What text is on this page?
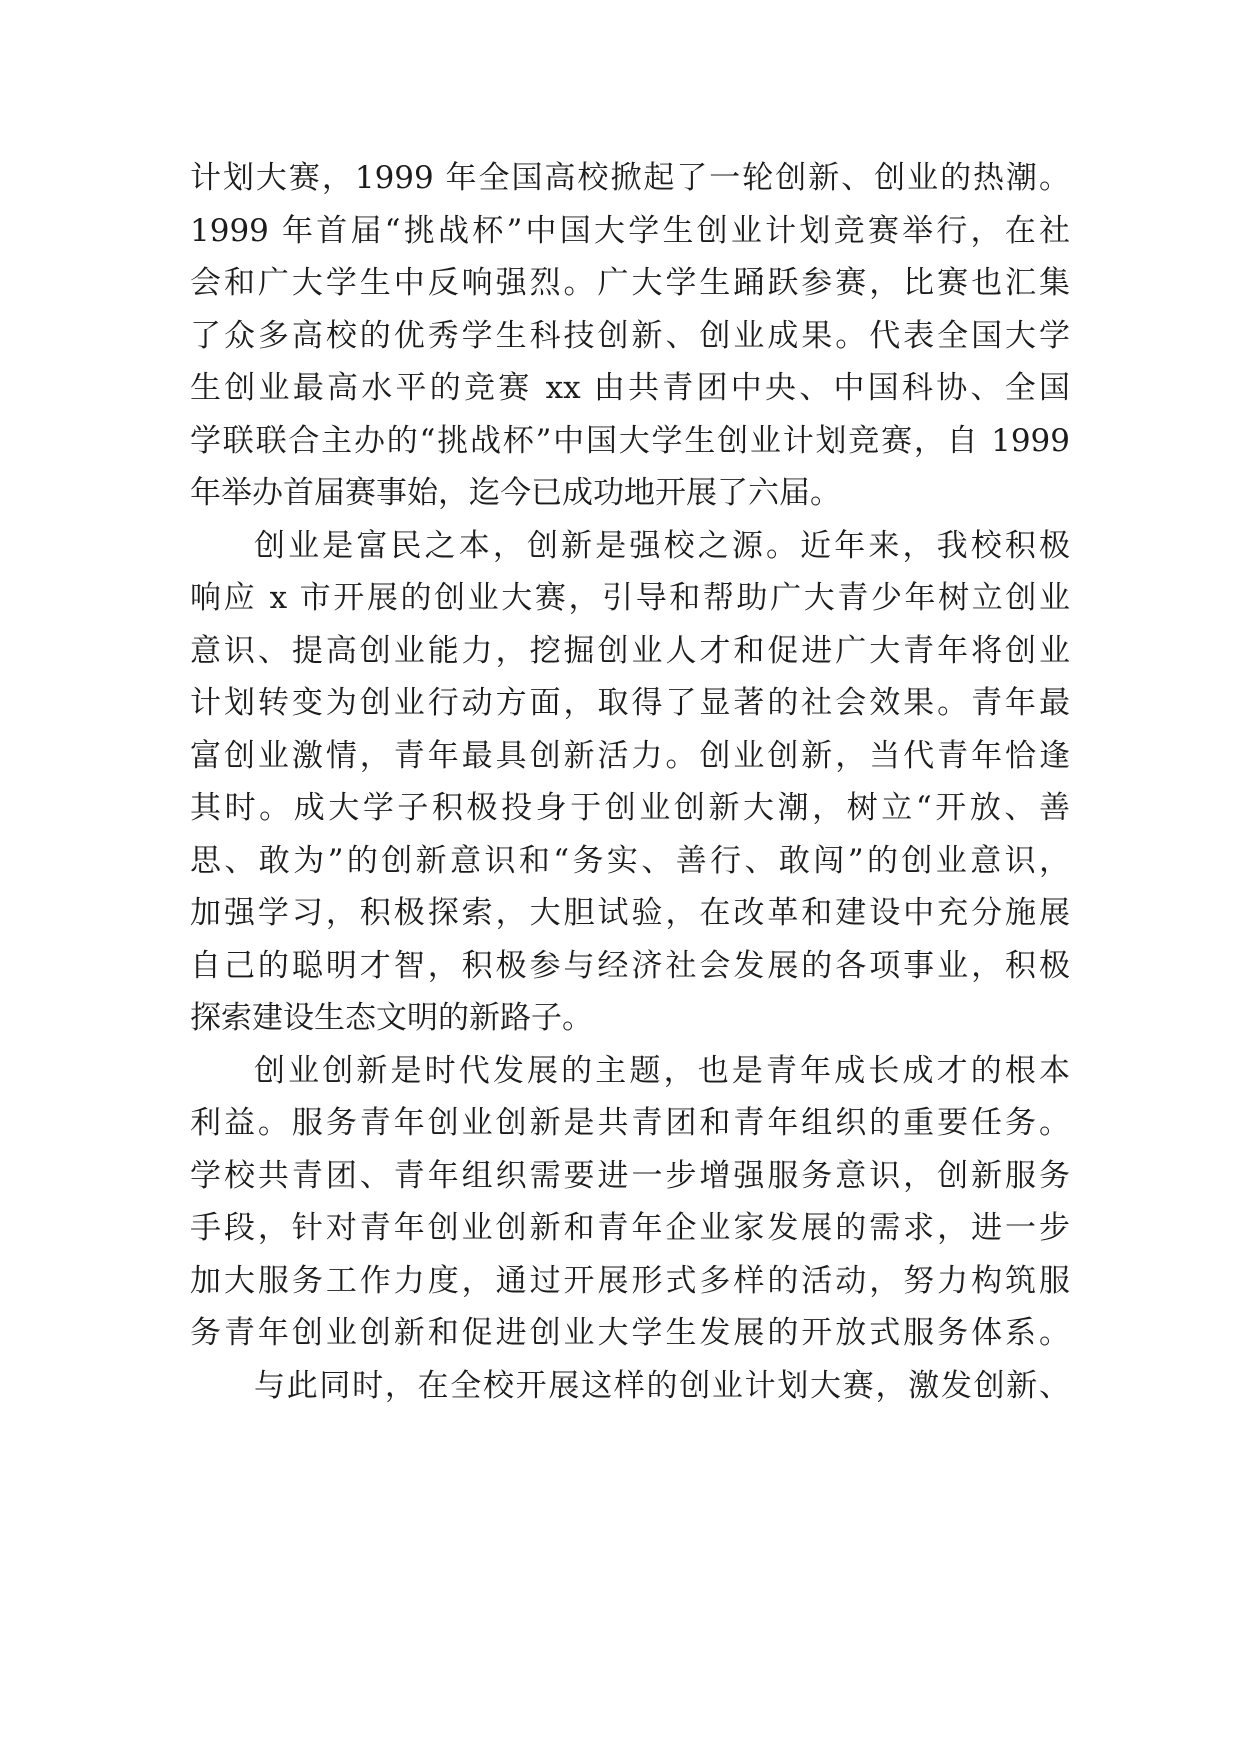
计划大赛，1999 年全国高校掀起了一轮创新、创业的热潮。
1999 年首届“挑战杯”中国大学生创业计划竞赛举行，在社
会和广大学生中反响强烈。广大学生踊跃参赛，比赛也汇集
了众多高校的优秀学生科技创新、创业成果。代表全国大学
生创业最高水平的竞赛 xx 由共青团中央、中国科协、全国
学联联合主办的“挑战杯”中国大学生创业计划竞赛，自 1999
年举办首届赛事始，迄今已成功地开展了六届。
创业是富民之本，创新是强校之源。近年来，我校积极
响应 x 市开展的创业大赛，引导和帮助广大青少年树立创业
意识、提高创业能力，挖掘创业人才和促进广大青年将创业
计划转变为创业行动方面，取得了显著的社会效果。青年最
富创业激情，青年最具创新活力。创业创新，当代青年恰逢
其时。成大学子积极投身于创业创新大潮，树立“开放、善
思、敢为”的创新意识和“务实、善行、敢闯”的创业意识，
加强学习，积极探索，大胆试验，在改革和建设中充分施展
自己的聪明才智，积极参与经济社会发展的各项事业，积极
探索建设生态文明的新路子。
创业创新是时代发展的主题，也是青年成长成才的根本
利益。服务青年创业创新是共青团和青年组织的重要任务。
学校共青团、青年组织需要进一步增强服务意识，创新服务
手段，针对青年创业创新和青年企业家发展的需求，进一步
加大服务工作力度，通过开展形式多样的活动，努力构筑服
务青年创业创新和促进创业大学生发展的开放式服务体系。
与此同时，在全校开展这样的创业计划大赛，激发创新、
